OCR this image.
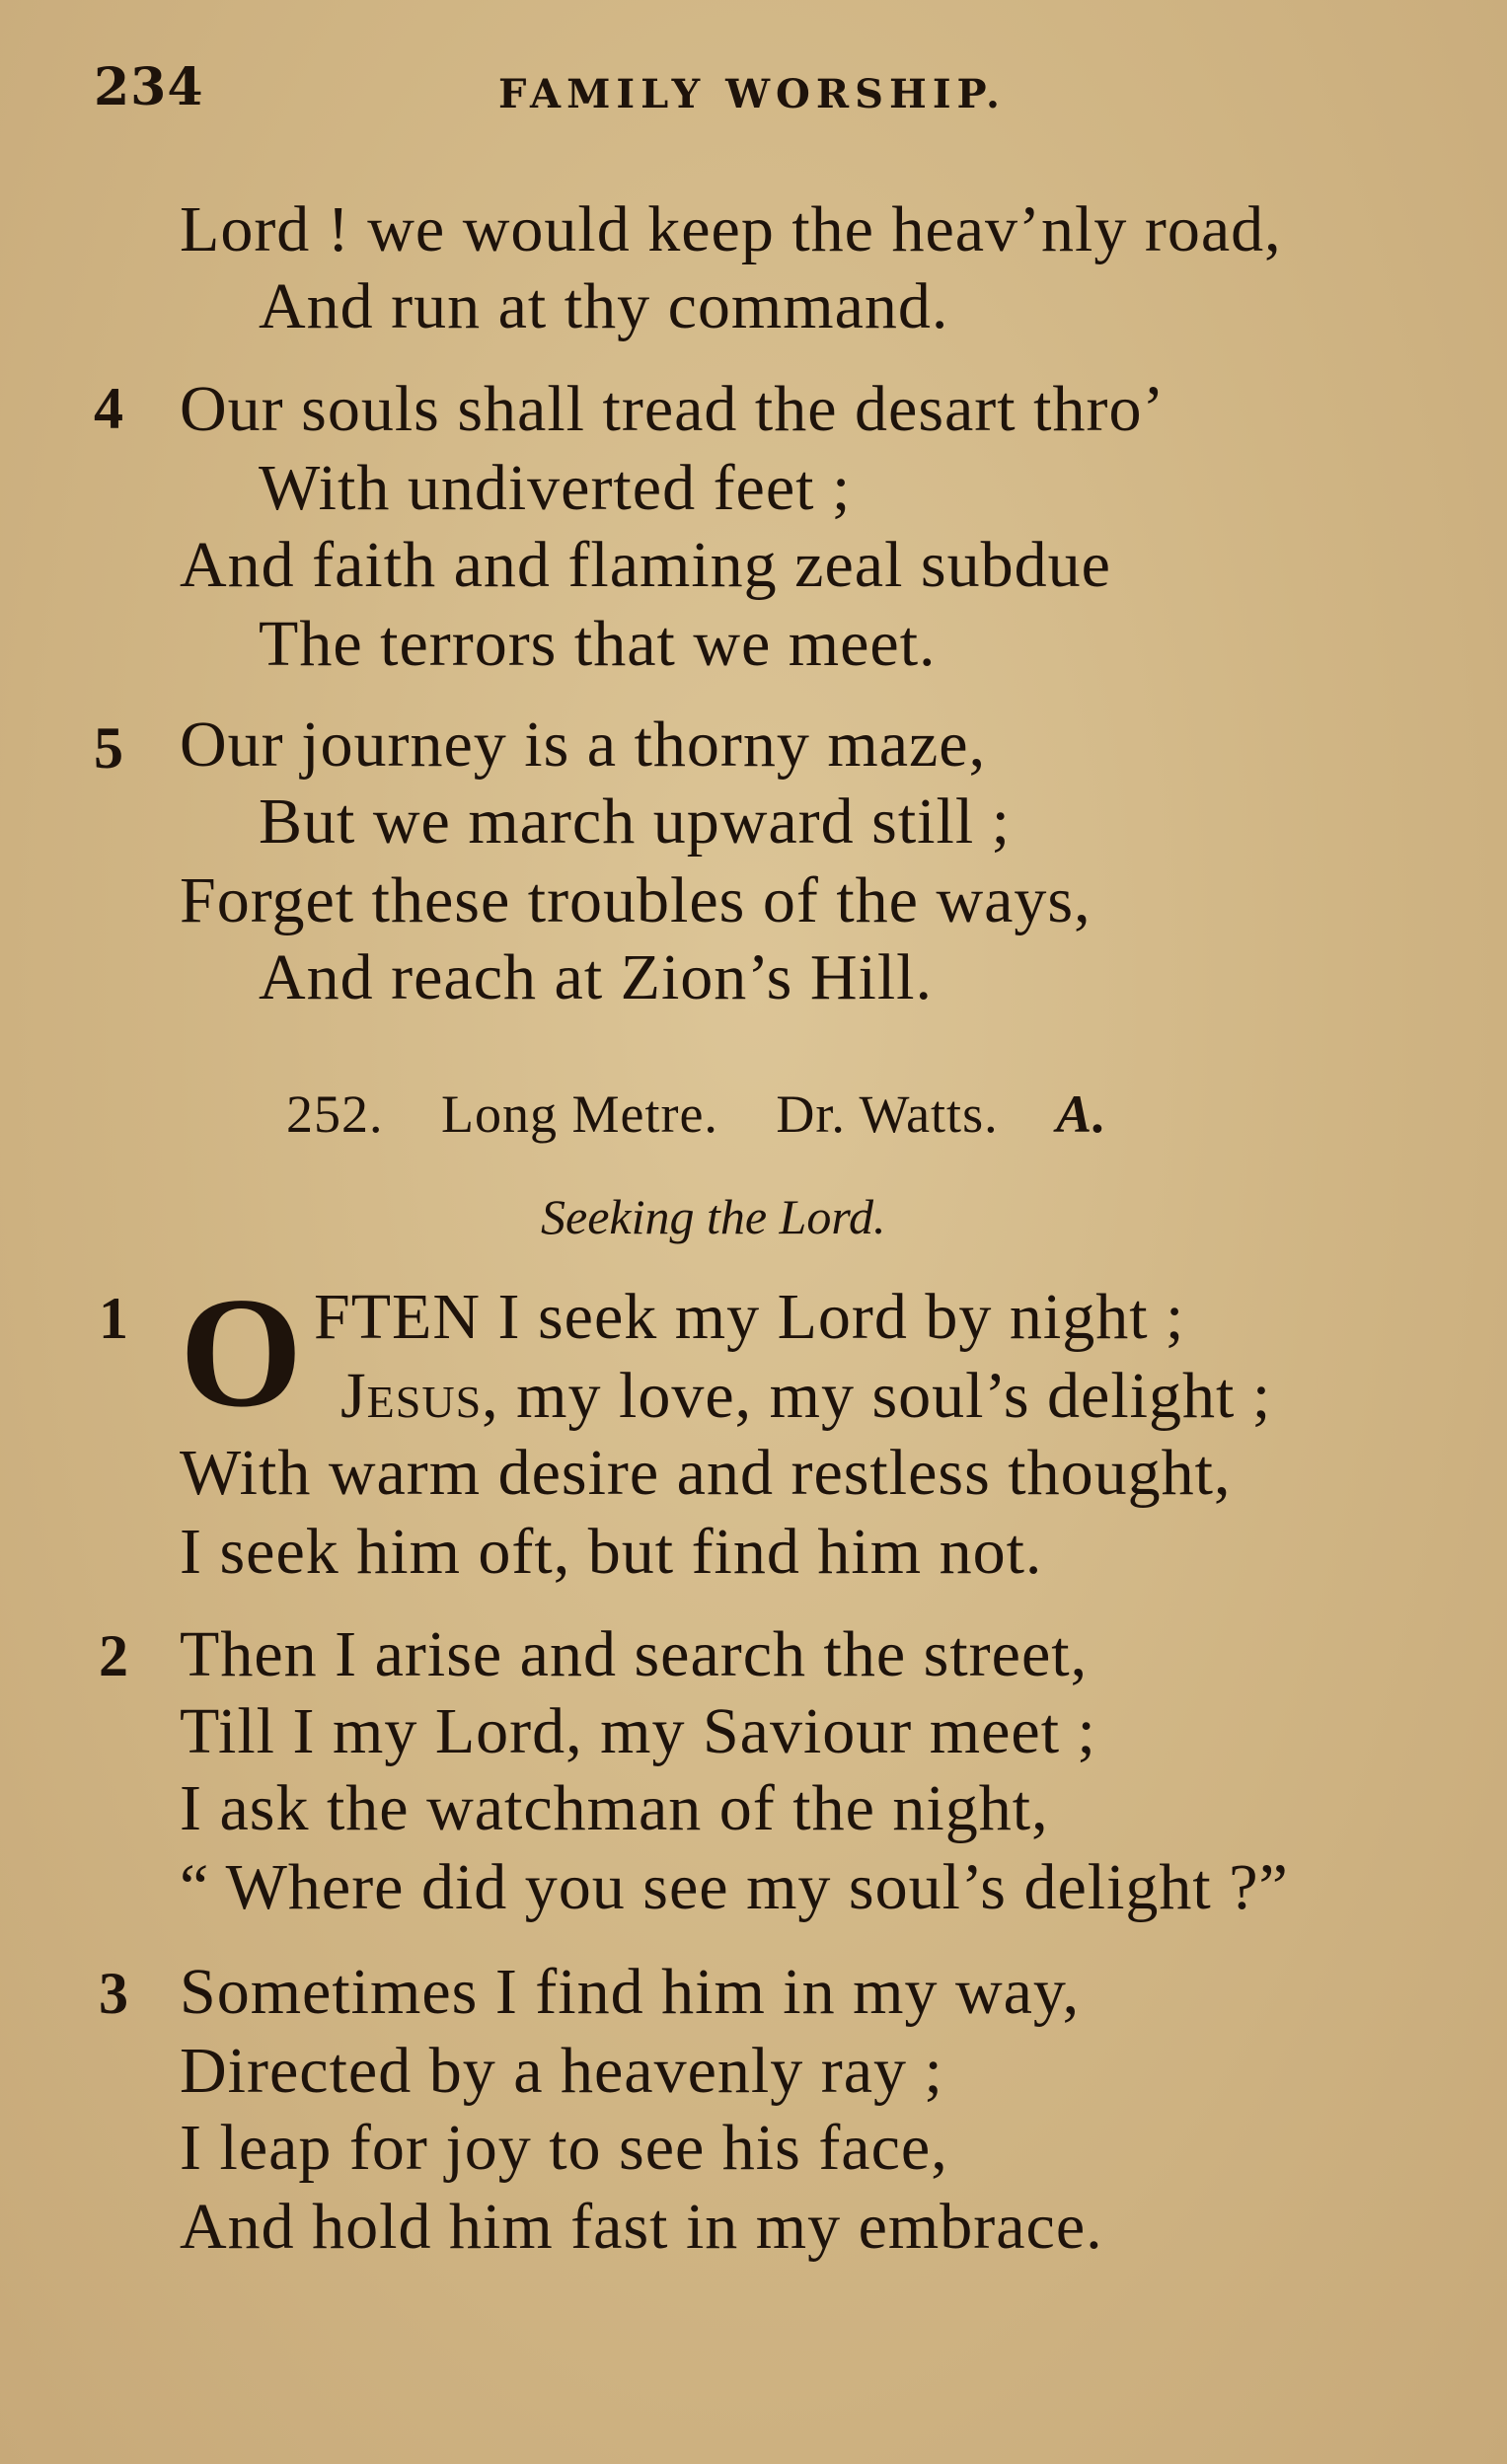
234	FAMILY WORSHIP.
Lord ! we would keep the heav’nly road,
And run at thy command.
4 Our souls shall tread the desart thro’
With undiverted feet ;
And faith and flaming zeal subdue
The terrors that we meet.
5 Our journey is a thorny maze,
But we march upward still ;
Forget these troubles of the ways,
And reach at Zion’s Hill.
252. Long Metre. Dr. Watts. A.
Seeking the Lord.
1 O FTEN I seek my Lord by night ;
Jesus, my love, my soul’s delight ;
With warm desire and restless thought,
I seek him oft, but find him not.
2 Then I arise and search the street,
Till I my Lord, my Saviour meet ;
I ask the watchman of the night,
“ Where did you see my soul’s delight ?”
3 Sometimes I find him in my way,
Directed by a heavenly ray ;
I leap for joy to see his face,
And hold him fast in my embrace.
